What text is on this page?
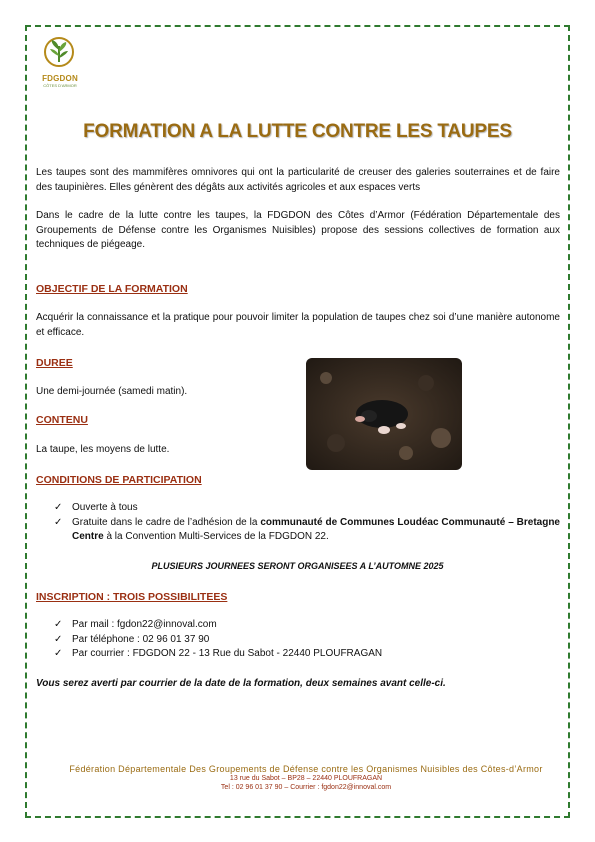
FDGDON
CÔTES D'ARMOR
FORMATION A LA LUTTE CONTRE LES TAUPES
Les taupes sont des mammifères omnivores qui ont la particularité de creuser des galeries souterraines et de faire des taupinières. Elles génèrent des dégâts aux activités agricoles et aux espaces verts
Dans le cadre de la lutte contre les taupes, la FDGDON des Côtes d’Armor (Fédération Départementale des Groupements de Défense contre les Organismes Nuisibles) propose des sessions collectives de formation aux techniques de piégeage.
OBJECTIF DE LA FORMATION
Acquérir la connaissance et la pratique pour pouvoir limiter la population de taupes chez soi d’une manière autonome et efficace.
DUREE
Une demi-journée (samedi matin).
CONTENU
La taupe, les moyens de lutte.
CONDITIONS DE PARTICIPATION
✓ Ouverte à tous
✓ Gratuite dans le cadre de l’adhésion de la communauté de Communes Loudéac Communauté – Bretagne Centre à la Convention Multi-Services de la FDGDON 22.
PLUSIEURS JOURNEES SERONT ORGANISEES A L’AUTOMNE 2025
INSCRIPTION : TROIS POSSIBILITEES
✓ Par mail : fgdon22@innoval.com
✓ Par téléphone : 02 96 01 37 90
✓ Par courrier : FDGDON 22 - 13 Rue du Sabot - 22440 PLOUFRAGAN
Vous serez averti par courrier de la date de la formation, deux semaines avant celle-ci.
Fédération Départementale Des Groupements de Défense contre les Organismes Nuisibles des Côtes-d’Armor
13 rue du Sabot – BP28 – 22440 PLOUFRAGAN
Tel : 02 96 01 37 90 – Courrier : fgdon22@innoval.com
